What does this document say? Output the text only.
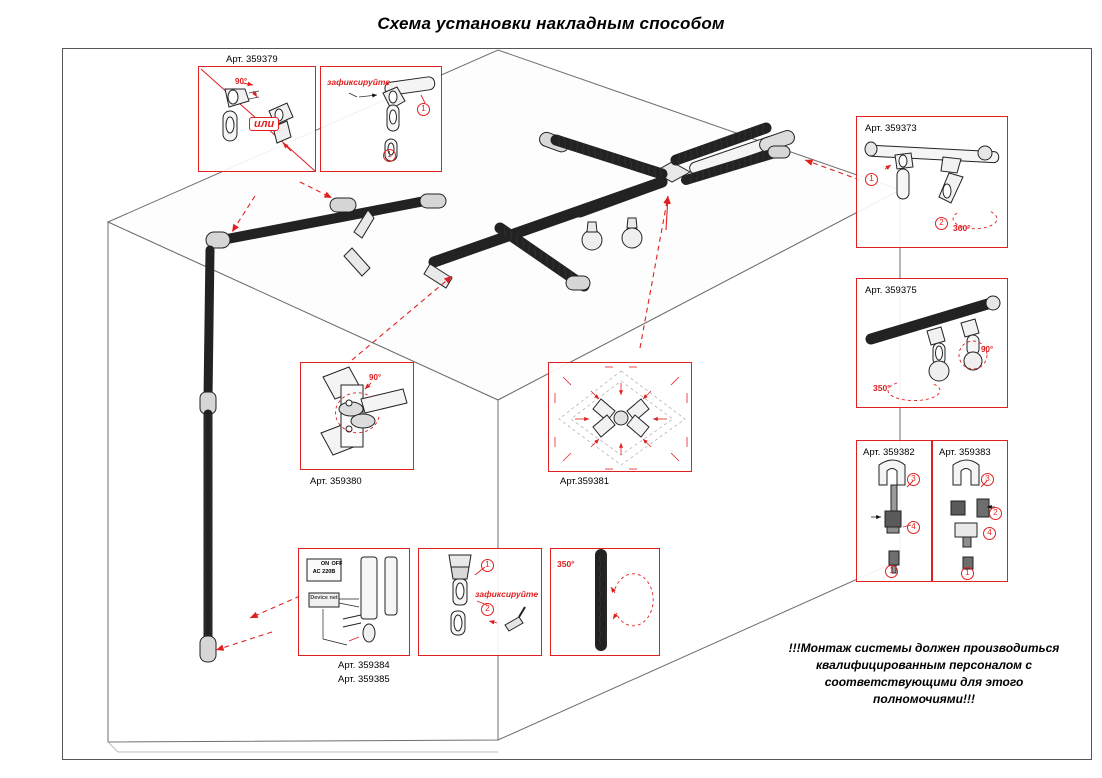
Схема установки накладным способом
Арт. 359379
90°
или
зафиксируйте
1
1
Арт. 359373
1
2
360°
Арт. 359375
350°
90°
Арт. 359382
3
4
1
Арт. 359383
3
2
4
1
90°
Арт. 359380	Арт.359381
ON OFF
AC 220В
Device net
Арт. 359384
Арт. 359385
1
зафиксируйте
2
350°
!!!Монтаж системы должен производиться квалифицированным персоналом с соответствующими для этого полномочиями!!!
